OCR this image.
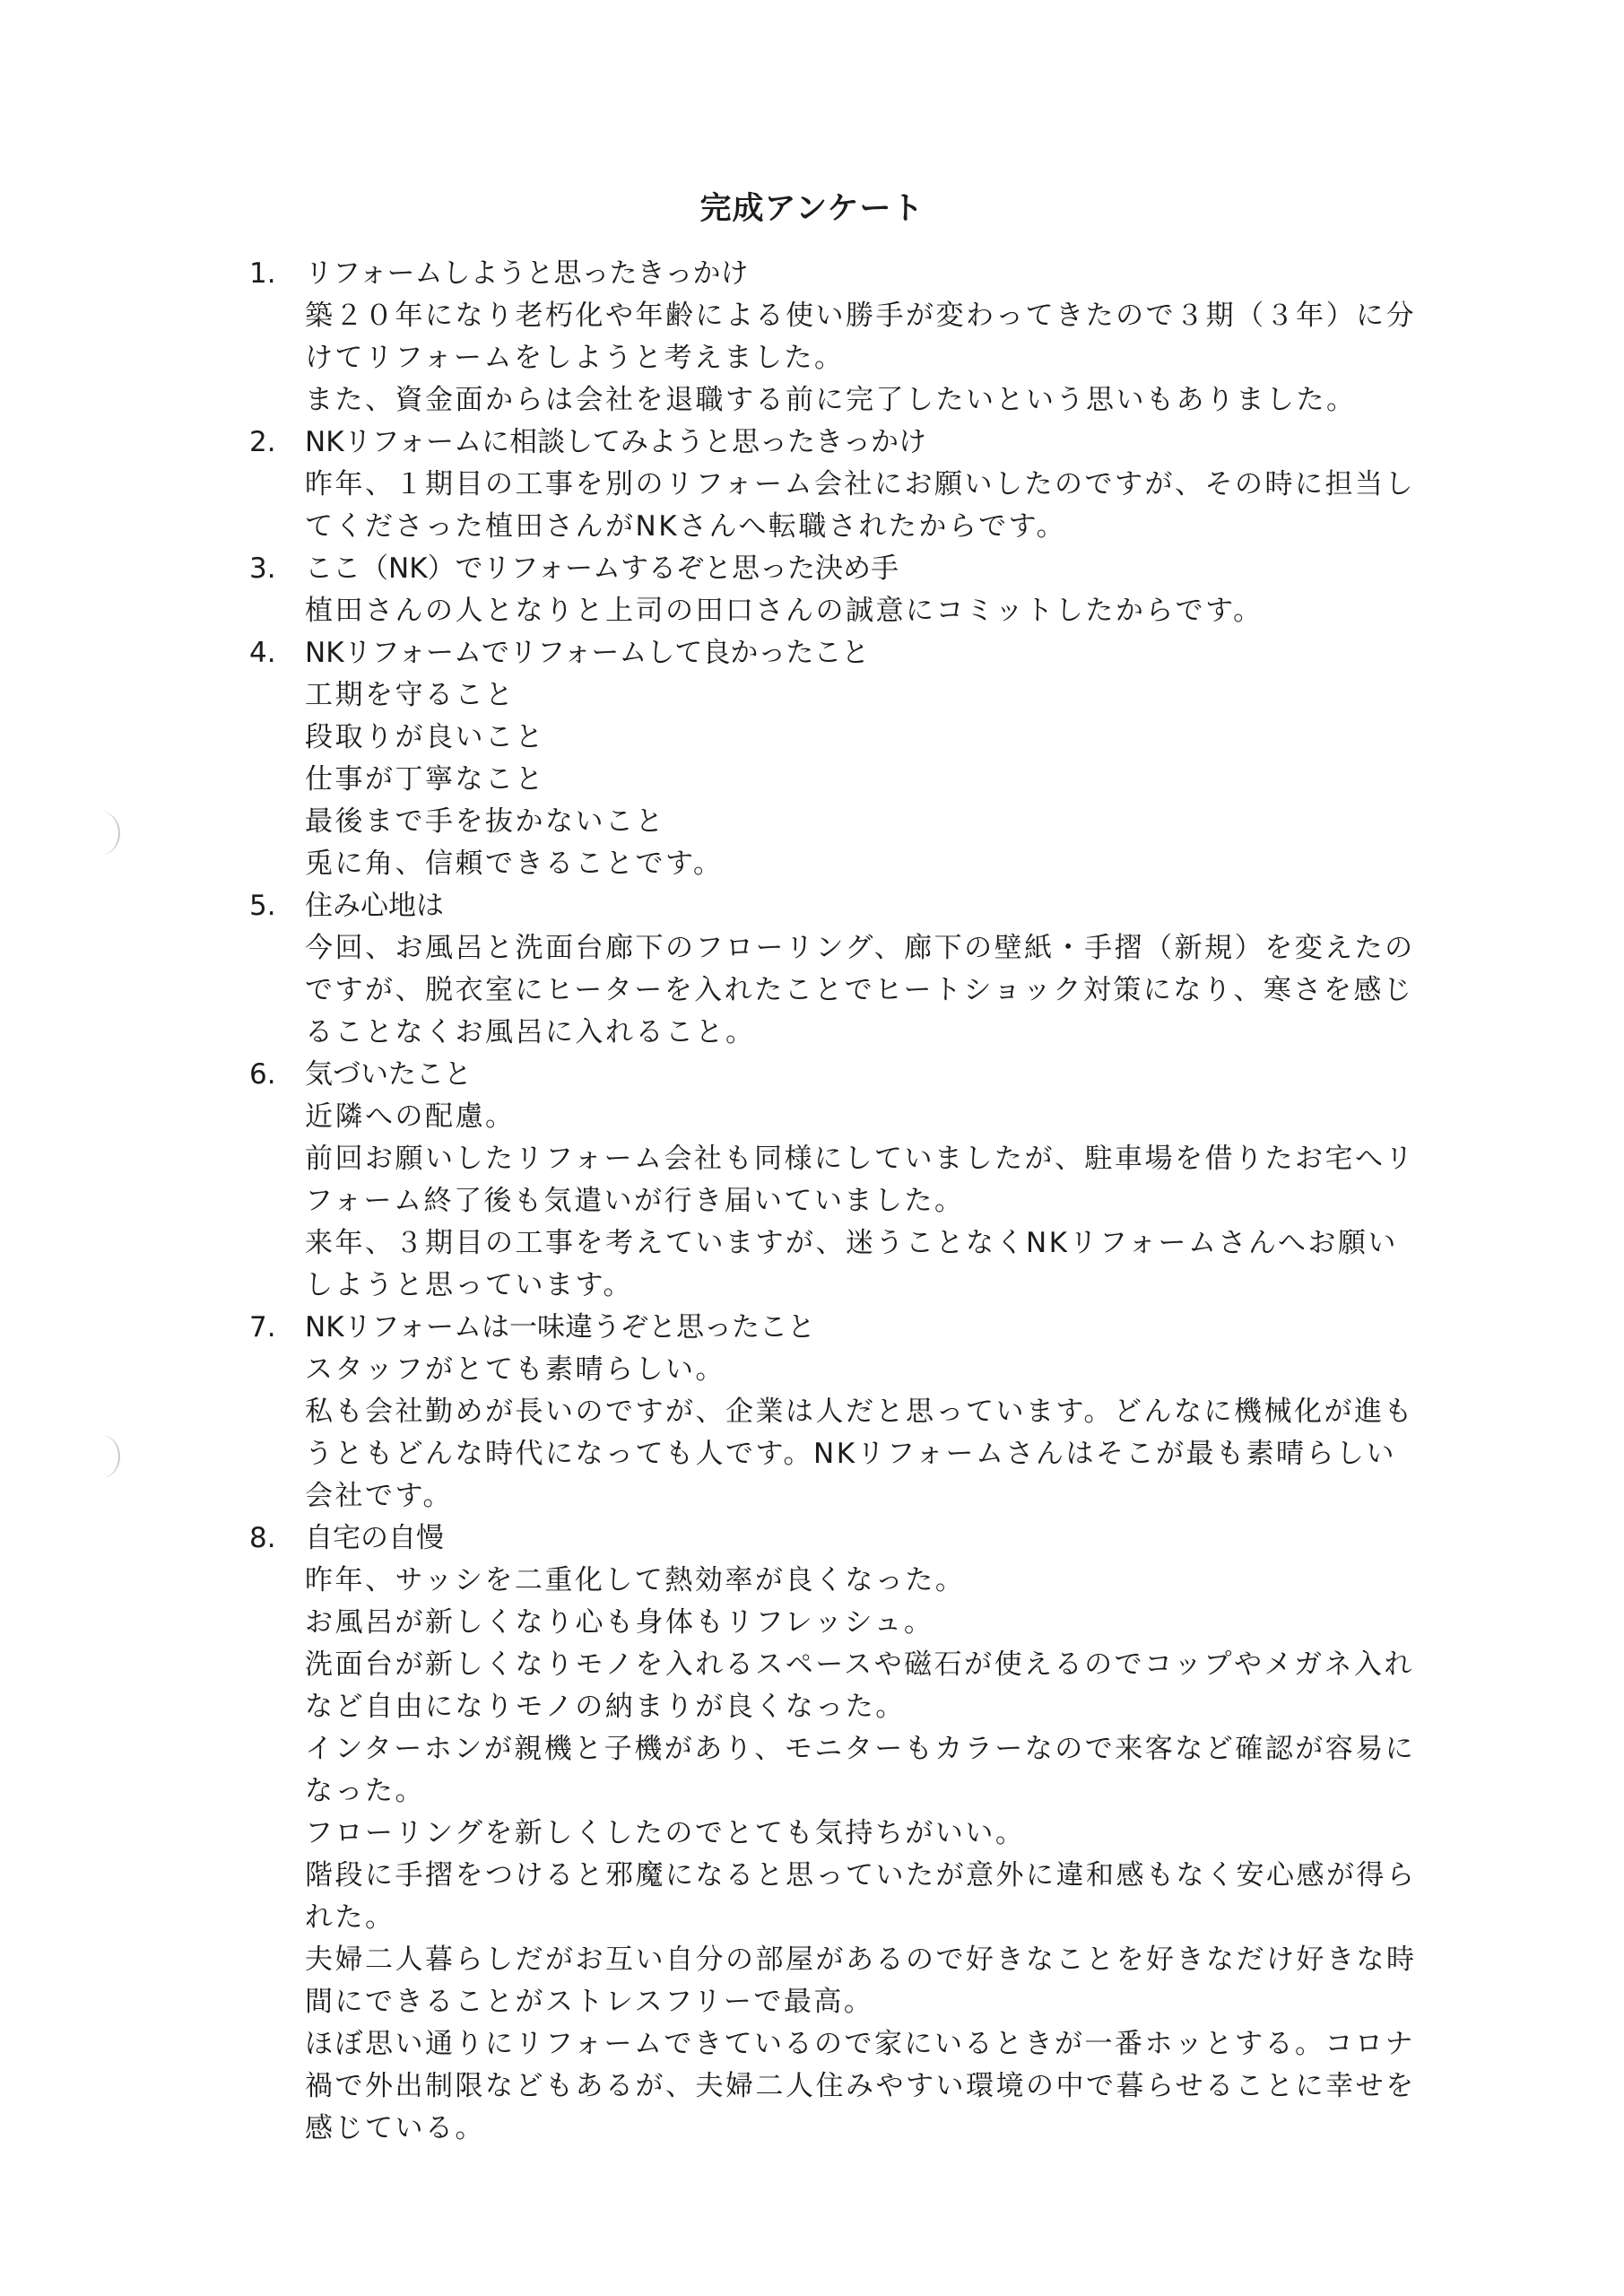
完成アンケート
1.	リフォームしようと思ったきっかけ

築２０年になり老朽化や年齢による使い勝手が変わってきたので３期（３年）に分けてリフォームをしようと考えました。

また、資金面からは会社を退職する前に完了したいという思いもありました。

2.	NKリフォームに相談してみようと思ったきっかけ

昨年、１期目の工事を別のリフォーム会社にお願いしたのですが、その時に担当してくださった植田さんがNKさんへ転職されたからです。

3.	ここ（NK）でリフォームするぞと思った決め手

植田さんの人となりと上司の田口さんの誠意にコミットしたからです。

4.	NKリフォームでリフォームして良かったこと

工期を守ること

段取りが良いこと

仕事が丁寧なこと

最後まで手を抜かないこと

兎に角、信頼できることです。

5.	住み心地は

今回、お風呂と洗面台廊下のフローリング、廊下の壁紙・手摺（新規）を変えたのですが、脱衣室にヒーターを入れたことでヒートショック対策になり、寒さを感じることなくお風呂に入れること。

6.	気づいたこと

近隣への配慮。

前回お願いしたリフォーム会社も同様にしていましたが、駐車場を借りたお宅へリフォーム終了後も気遣いが行き届いていました。

来年、３期目の工事を考えていますが、迷うことなくNKリフォームさんへお願いしようと思っています。

7.	NKリフォームは一味違うぞと思ったこと

スタッフがとても素晴らしい。

私も会社勤めが長いのですが、企業は人だと思っています。どんなに機械化が進もうともどんな時代になっても人です。NKリフォームさんはそこが最も素晴らしい会社です。

8.	自宅の自慢

昨年、サッシを二重化して熱効率が良くなった。

お風呂が新しくなり心も身体もリフレッシュ。

洗面台が新しくなりモノを入れるスペースや磁石が使えるのでコップやメガネ入れなど自由になりモノの納まりが良くなった。

インターホンが親機と子機があり、モニターもカラーなので来客など確認が容易になった。

フローリングを新しくしたのでとても気持ちがいい。

階段に手摺をつけると邪魔になると思っていたが意外に違和感もなく安心感が得られた。

夫婦二人暮らしだがお互い自分の部屋があるので好きなことを好きなだけ好きな時間にできることがストレスフリーで最高。

ほぼ思い通りにリフォームできているので家にいるときが一番ホッとする。コロナ禍で外出制限などもあるが、夫婦二人住みやすい環境の中で暮らせることに幸せを感じている。
